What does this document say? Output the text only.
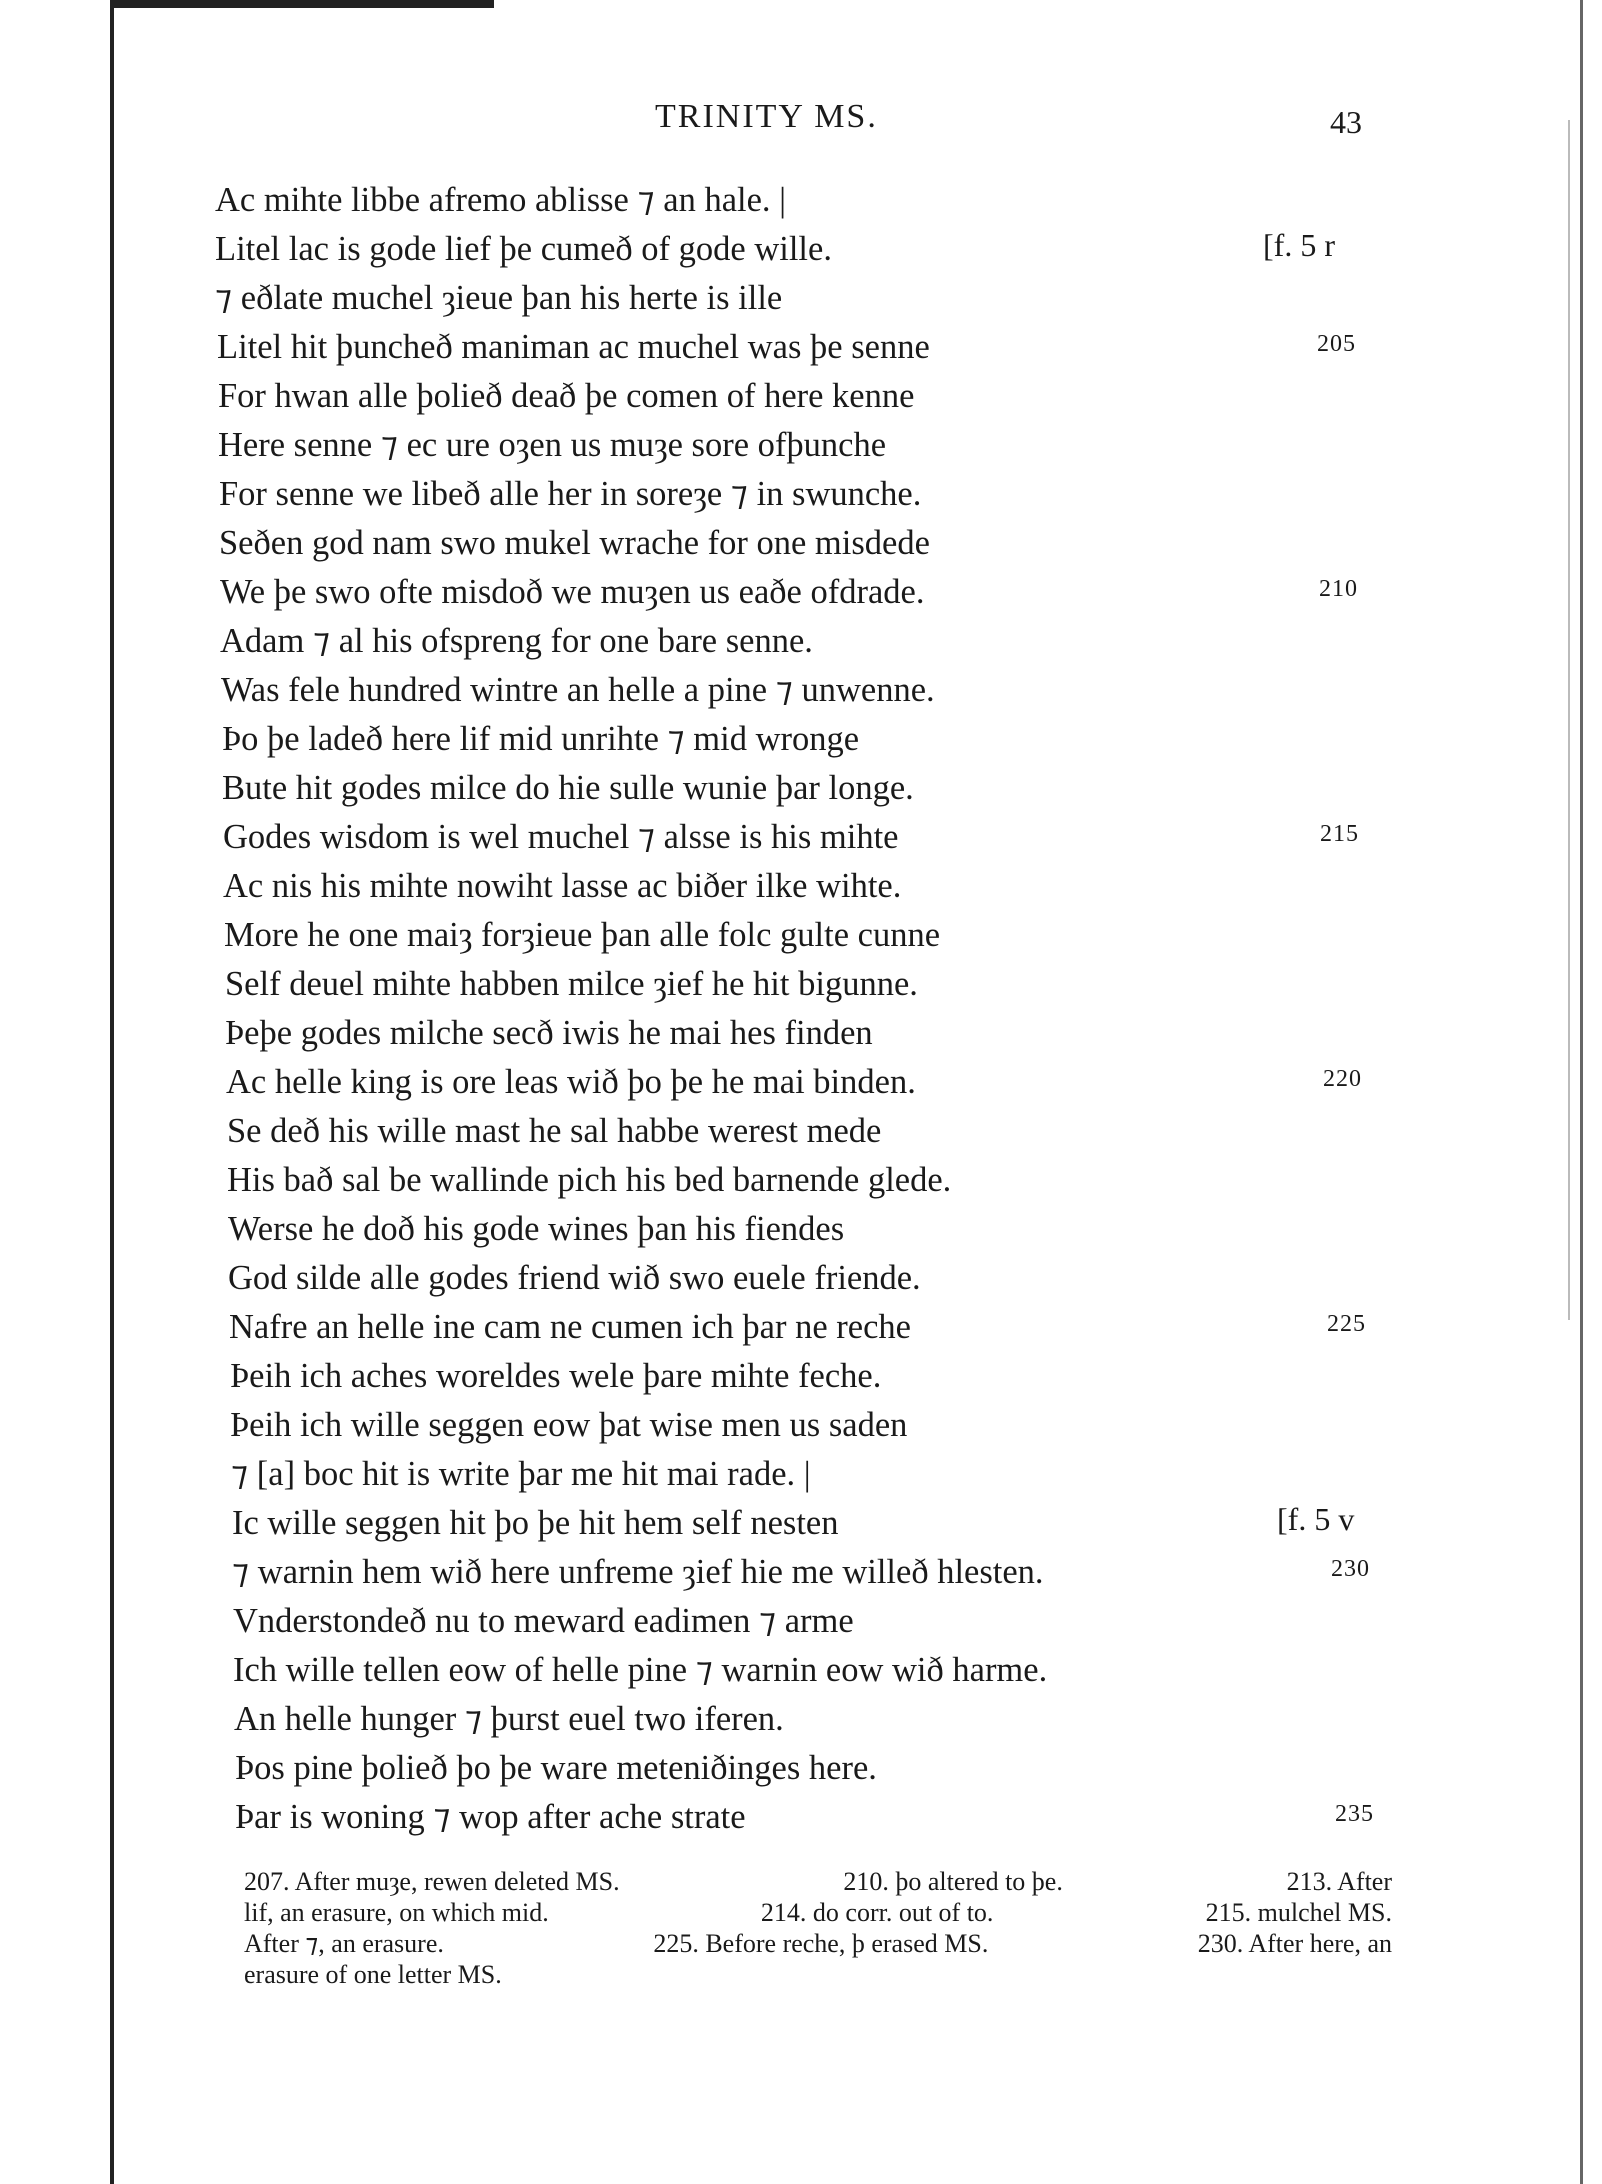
TRINITY MS.	43
Ac mihte libbe afremo ablisse ⁊ an hale. |
Litel lac is gode lief þe cumeð of gode wille.	[f. 5 r
⁊ eðlate muchel ȝieue þan his herte is ille
Litel hit þuncheð maniman ac muchel was þe senne	205
For hwan alle þolieð deað þe comen of here kenne
Here senne ⁊ ec ure oȝen us muȝe sore ofþunche
For senne we libeð alle her in soreȝe ⁊ in swunche.
Seðen god nam swo mukel wrache for one misdede
We þe swo ofte misdoð we muȝen us eaðe ofdrade.	210
Adam ⁊ al his ofspreng for one bare senne.
Was fele hundred wintre an helle a pine ⁊ unwenne.
Þo þe ladeð here lif mid unrihte ⁊ mid wronge
Bute hit godes milce do hie sulle wunie þar longe.
Godes wisdom is wel muchel ⁊ alsse is his mihte	215
Ac nis his mihte nowiht lasse ac biðer ilke wihte.
More he one maiȝ forȝieue þan alle folc gulte cunne
Self deuel mihte habben milce ȝief he hit bigunne.
Þeþe godes milche secð iwis he mai hes finden
Ac helle king is ore leas wið þo þe he mai binden.	220
Se deð his wille mast he sal habbe werest mede
His bað sal be wallinde pich his bed barnende glede.
Werse he doð his gode wines þan his fiendes
God silde alle godes friend wið swo euele friende.
Nafre an helle ine cam ne cumen ich þar ne reche	225
Þeih ich aches woreldes wele þare mihte feche.
Þeih ich wille seggen eow þat wise men us saden
⁊ [a] boc hit is write þar me hit mai rade. |
Ic wille seggen hit þo þe hit hem self nesten	[f. 5 v
⁊ warnin hem wið here unfreme ȝief hie me willeð hlesten.	230
Vnderstondeð nu to meward eadimen ⁊ arme
Ich wille tellen eow of helle pine ⁊ warnin eow wið harme.
An helle hunger ⁊ þurst euel two iferen.
Þos pine þolieð þo þe ware meteniðinges here.
Þar is woning ⁊ wop after ache strate	235
207. After muȝe, rewen deleted MS.	210. þo altered to þe.	213. After
lif, an erasure, on which mid.	214. do corr. out of to.	215. mulchel MS.
After ⁊, an erasure.	225. Before reche, þ erased MS.	230. After here, an
erasure of one letter MS.
